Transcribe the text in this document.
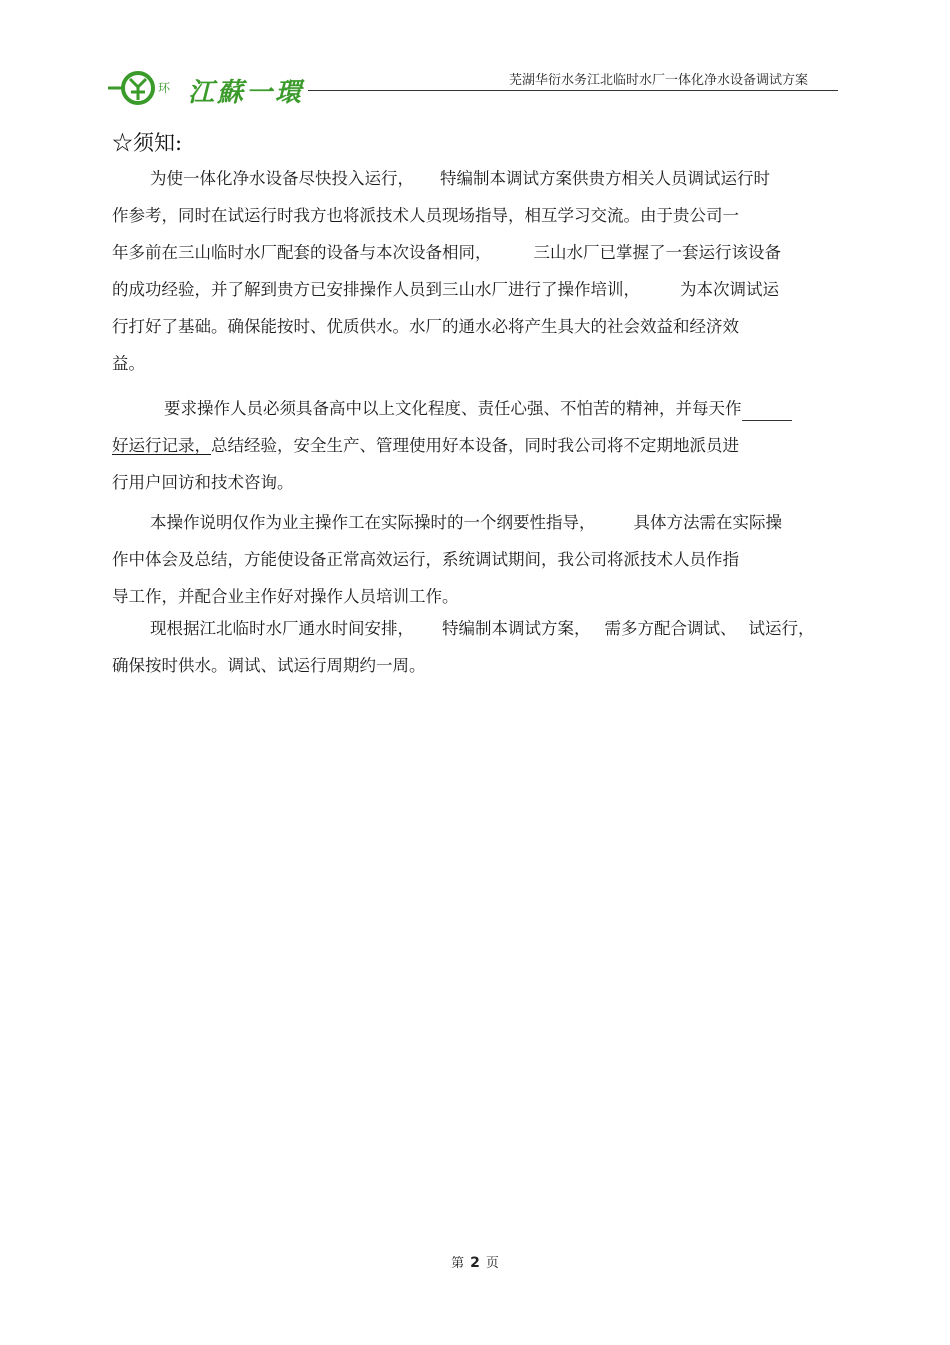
环 江蘇一環	芜湖华衍水务江北临时水厂一体化净水设备调试方案
☆须知:
为使一体化净水设备尽快投入运行， 特编制本调试方案供贵方相关人员调试运行时
作参考，同时在试运行时我方也将派技术人员现场指导，相互学习交流。由于贵公司一
年多前在三山临时水厂配套的设备与本次设备相同，	三山水厂已掌握了一套运行该设备
的成功经验，并了解到贵方已安排操作人员到三山水厂进行了操作培训， 为本次调试运
行打好了基础。确保能按时、优质供水。水厂的通水必将产生具大的社会效益和经济效
益。
要求操作人员必须具备高中以上文化程度、责任心强、不怕苦的精神，并每天作
好运行记录，总结经验，安全生产、管理使用好本设备，同时我公司将不定期地派员进
行用户回访和技术咨询。
本操作说明仅作为业主操作工在实际操时的一个纲要性指导， 具体方法需在实际操
作中体会及总结，方能使设备正常高效运行，系统调试期间，我公司将派技术人员作指
导工作，并配合业主作好对操作人员培训工作。
现根据江北临时水厂通水时间安排， 特编制本调试方案， 需多方配合调试、 试运行，
确保按时供水。调试、试运行周期约一周。
第 2 页
